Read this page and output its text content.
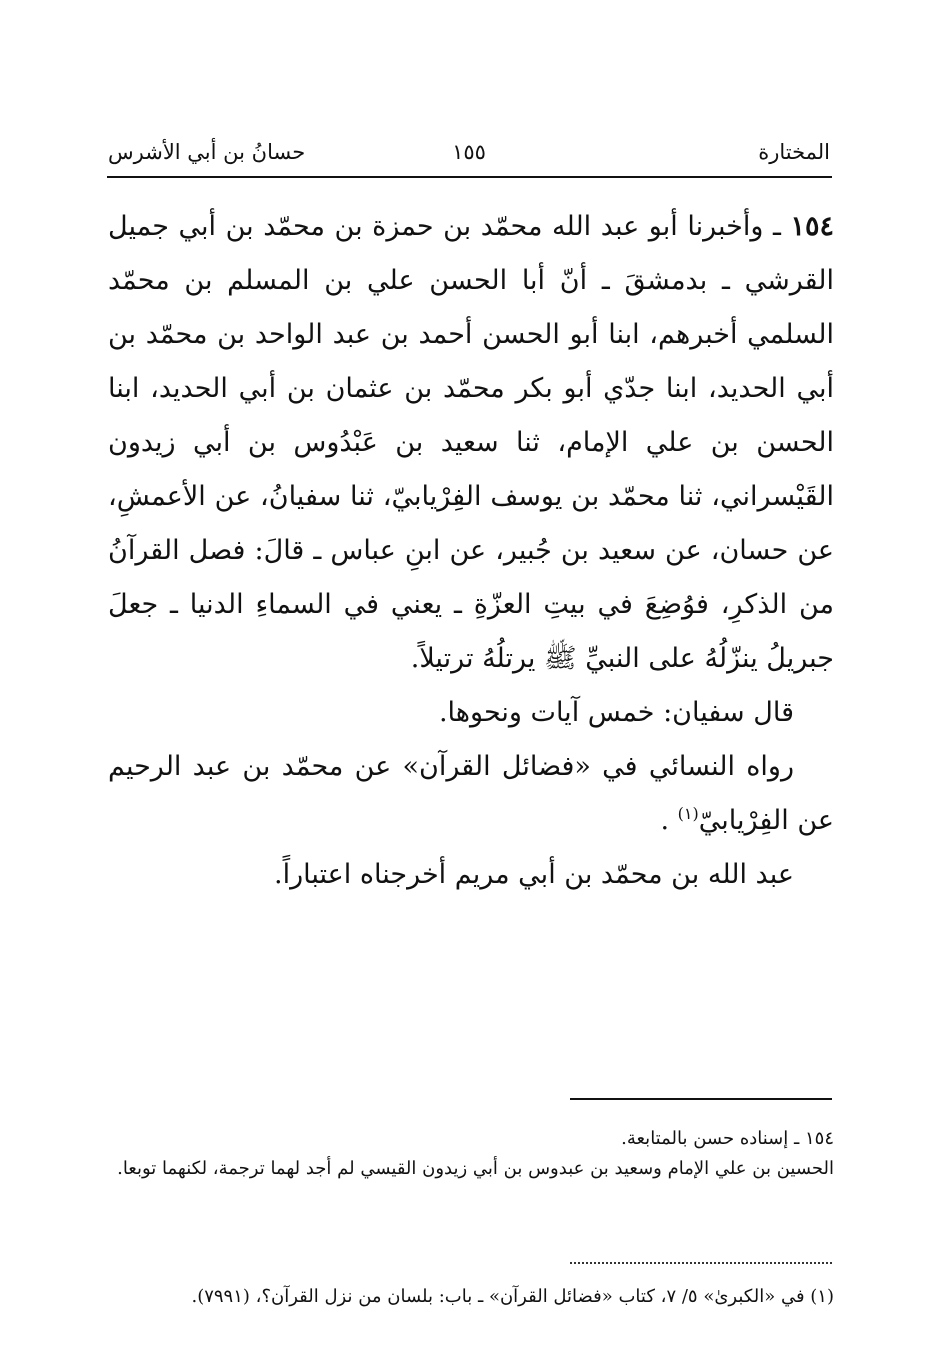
المختارة
١٥٥
حسانُ بن أبي الأشرس

١٥٤ ـ وأخبرنا أبو عبد الله محمّد بن حمزة بن محمّد بن أبي جميل القرشي ـ بدمشقَ ـ أنّ أبا الحسن علي بن المسلم بن محمّد السلمي أخبرهم، ابنا أبو الحسن أحمد بن عبد الواحد بن محمّد بن أبي الحديد، ابنا جدّي أبو بكر محمّد بن عثمان بن أبي الحديد، ابنا الحسن بن علي الإمام، ثنا سعيد بن عَبْدُوس بن أبي زيدون القَيْسراني، ثنا محمّد بن يوسف الفِرْيابيّ، ثنا سفيانُ، عن الأعمشِ، عن حسان، عن سعيد بن جُبير، عن ابنِ عباس ـ قالَ: فصل القرآنُ من الذكرِ، فوُضِعَ في بيتِ العزّةِ ـ يعني في السماءِ الدنيا ـ جعلَ جبريلُ ينزّلُهُ على النبيِّ ﷺ يرتلُهُ ترتيلاً.

قال سفيان: خمس آيات ونحوها.

رواه النسائي في «فضائل القرآن» عن محمّد بن عبد الرحيم عن الفِرْيابيّ$^{(١)}$ .

عبد الله بن محمّد بن أبي مريم أخرجناه اعتباراً.

١٥٤ ـ إسناده حسن بالمتابعة.

الحسين بن علي الإمام وسعيد بن عبدوس بن أبي زيدون القيسي لم أجد لهما ترجمة، لكنهما توبعا.

(١) في «الكبرىٰ» ٥/ ٧، كتاب «فضائل القرآن» ـ باب: بلسان من نزل القرآن؟، (٧٩٩١).
